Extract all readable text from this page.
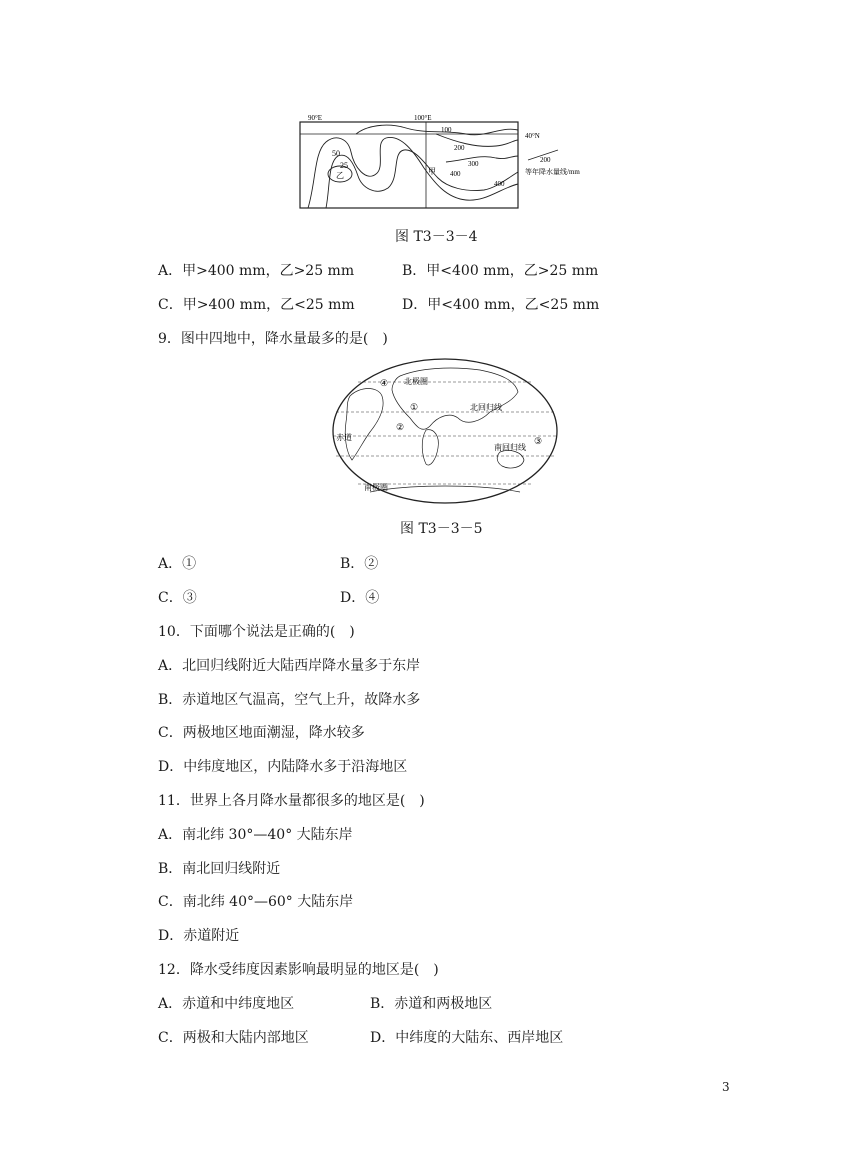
90°E	100°E
40°N
100
200
300
400
400
50
25
甲
乙
200
等年降水量线/mm
图 T3－3－4
A．甲>400 mm，乙>25 mm	B．甲<400 mm，乙>25 mm
C．甲>400 mm，乙<25 mm	D．甲<400 mm，乙<25 mm
9．图中四地中，降水量最多的是(　)
北极圈
北回归线
赤道
南回归线
南极圈
①
②
③
④
图 T3－3－5
A．①	B．②
C．③	D．④
10．下面哪个说法是正确的(　)
A．北回归线附近大陆西岸降水量多于东岸
B．赤道地区气温高，空气上升，故降水多
C．两极地区地面潮湿，降水较多
D．中纬度地区，内陆降水多于沿海地区
11．世界上各月降水量都很多的地区是(　)
A．南北纬 30°—40° 大陆东岸
B．南北回归线附近
C．南北纬 40°—60° 大陆东岸
D．赤道附近
12．降水受纬度因素影响最明显的地区是(　)
A．赤道和中纬度地区	B．赤道和两极地区
C．两极和大陆内部地区	D．中纬度的大陆东、西岸地区
3
